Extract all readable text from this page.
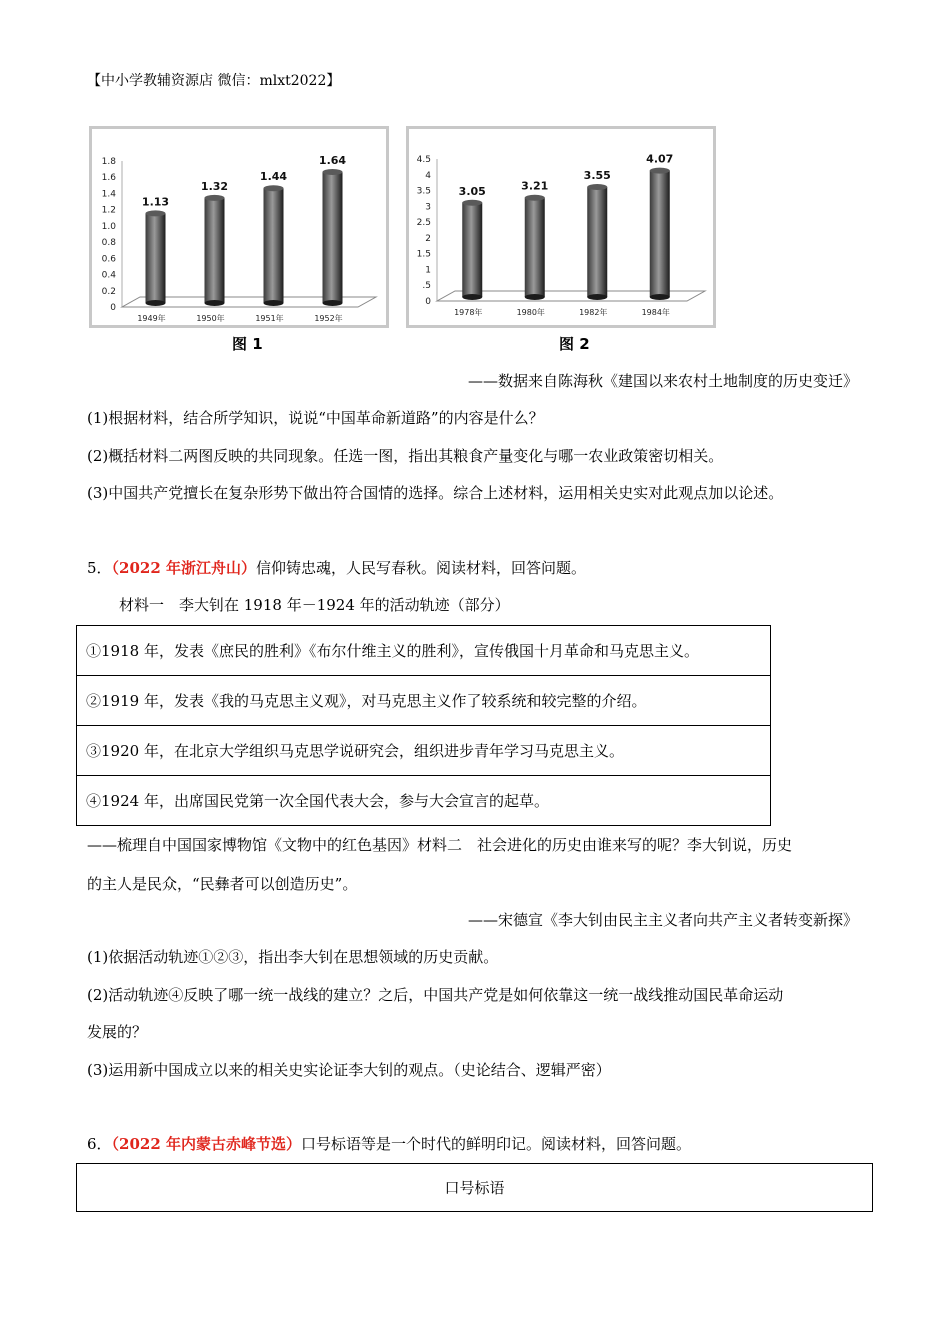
【中小学教辅资源店 微信：mlxt2022】
0
0.2
0.4
0.6
0.8
1.0
1.2
1.4
1.6
1.8
1.13
1949年
1.32
1950年
1.44
1951年
1.64
1952年
图 1
0
.5
1
1.5
2
2.5
3
3.5
4
4.5
3.05
1978年
3.21
1980年
3.55
1982年
4.07
1984年
图 2
——数据来自陈海秋《建国以来农村土地制度的历史变迁》
(1)根据材料，结合所学知识，说说“中国革命新道路”的内容是什么？
(2)概括材料二两图反映的共同现象。任选一图，指出其粮食产量变化与哪一农业政策密切相关。
(3)中国共产党擅长在复杂形势下做出符合国情的选择。综合上述材料，运用相关史实对此观点加以论述。
5．（2022 年浙江舟山）信仰铸忠魂，人民写春秋。阅读材料，回答问题。
材料一　李大钊在 1918 年－1924 年的活动轨迹（部分）
①1918 年，发表《庶民的胜利》《布尔什维主义的胜利》，宣传俄国十月革命和马克思主义。
②1919 年，发表《我的马克思主义观》，对马克思主义作了较系统和较完整的介绍。
③1920 年，在北京大学组织马克思学说研究会，组织进步青年学习马克思主义。
④1924 年，出席国民党第一次全国代表大会，参与大会宣言的起草。
——梳理自中国国家博物馆《文物中的红色基因》材料二　社会进化的历史由谁来写的呢？李大钊说，历史
的主人是民众，“民彝者可以创造历史”。
——宋德宣《李大钊由民主主义者向共产主义者转变新探》
(1)依据活动轨迹①②③，指出李大钊在思想领域的历史贡献。
(2)活动轨迹④反映了哪一统一战线的建立？之后，中国共产党是如何依靠这一统一战线推动国民革命运动
发展的？
(3)运用新中国成立以来的相关史实论证李大钊的观点。（史论结合、逻辑严密）
6．（2022 年内蒙古赤峰节选）口号标语等是一个时代的鲜明印记。阅读材料，回答问题。
口号标语
